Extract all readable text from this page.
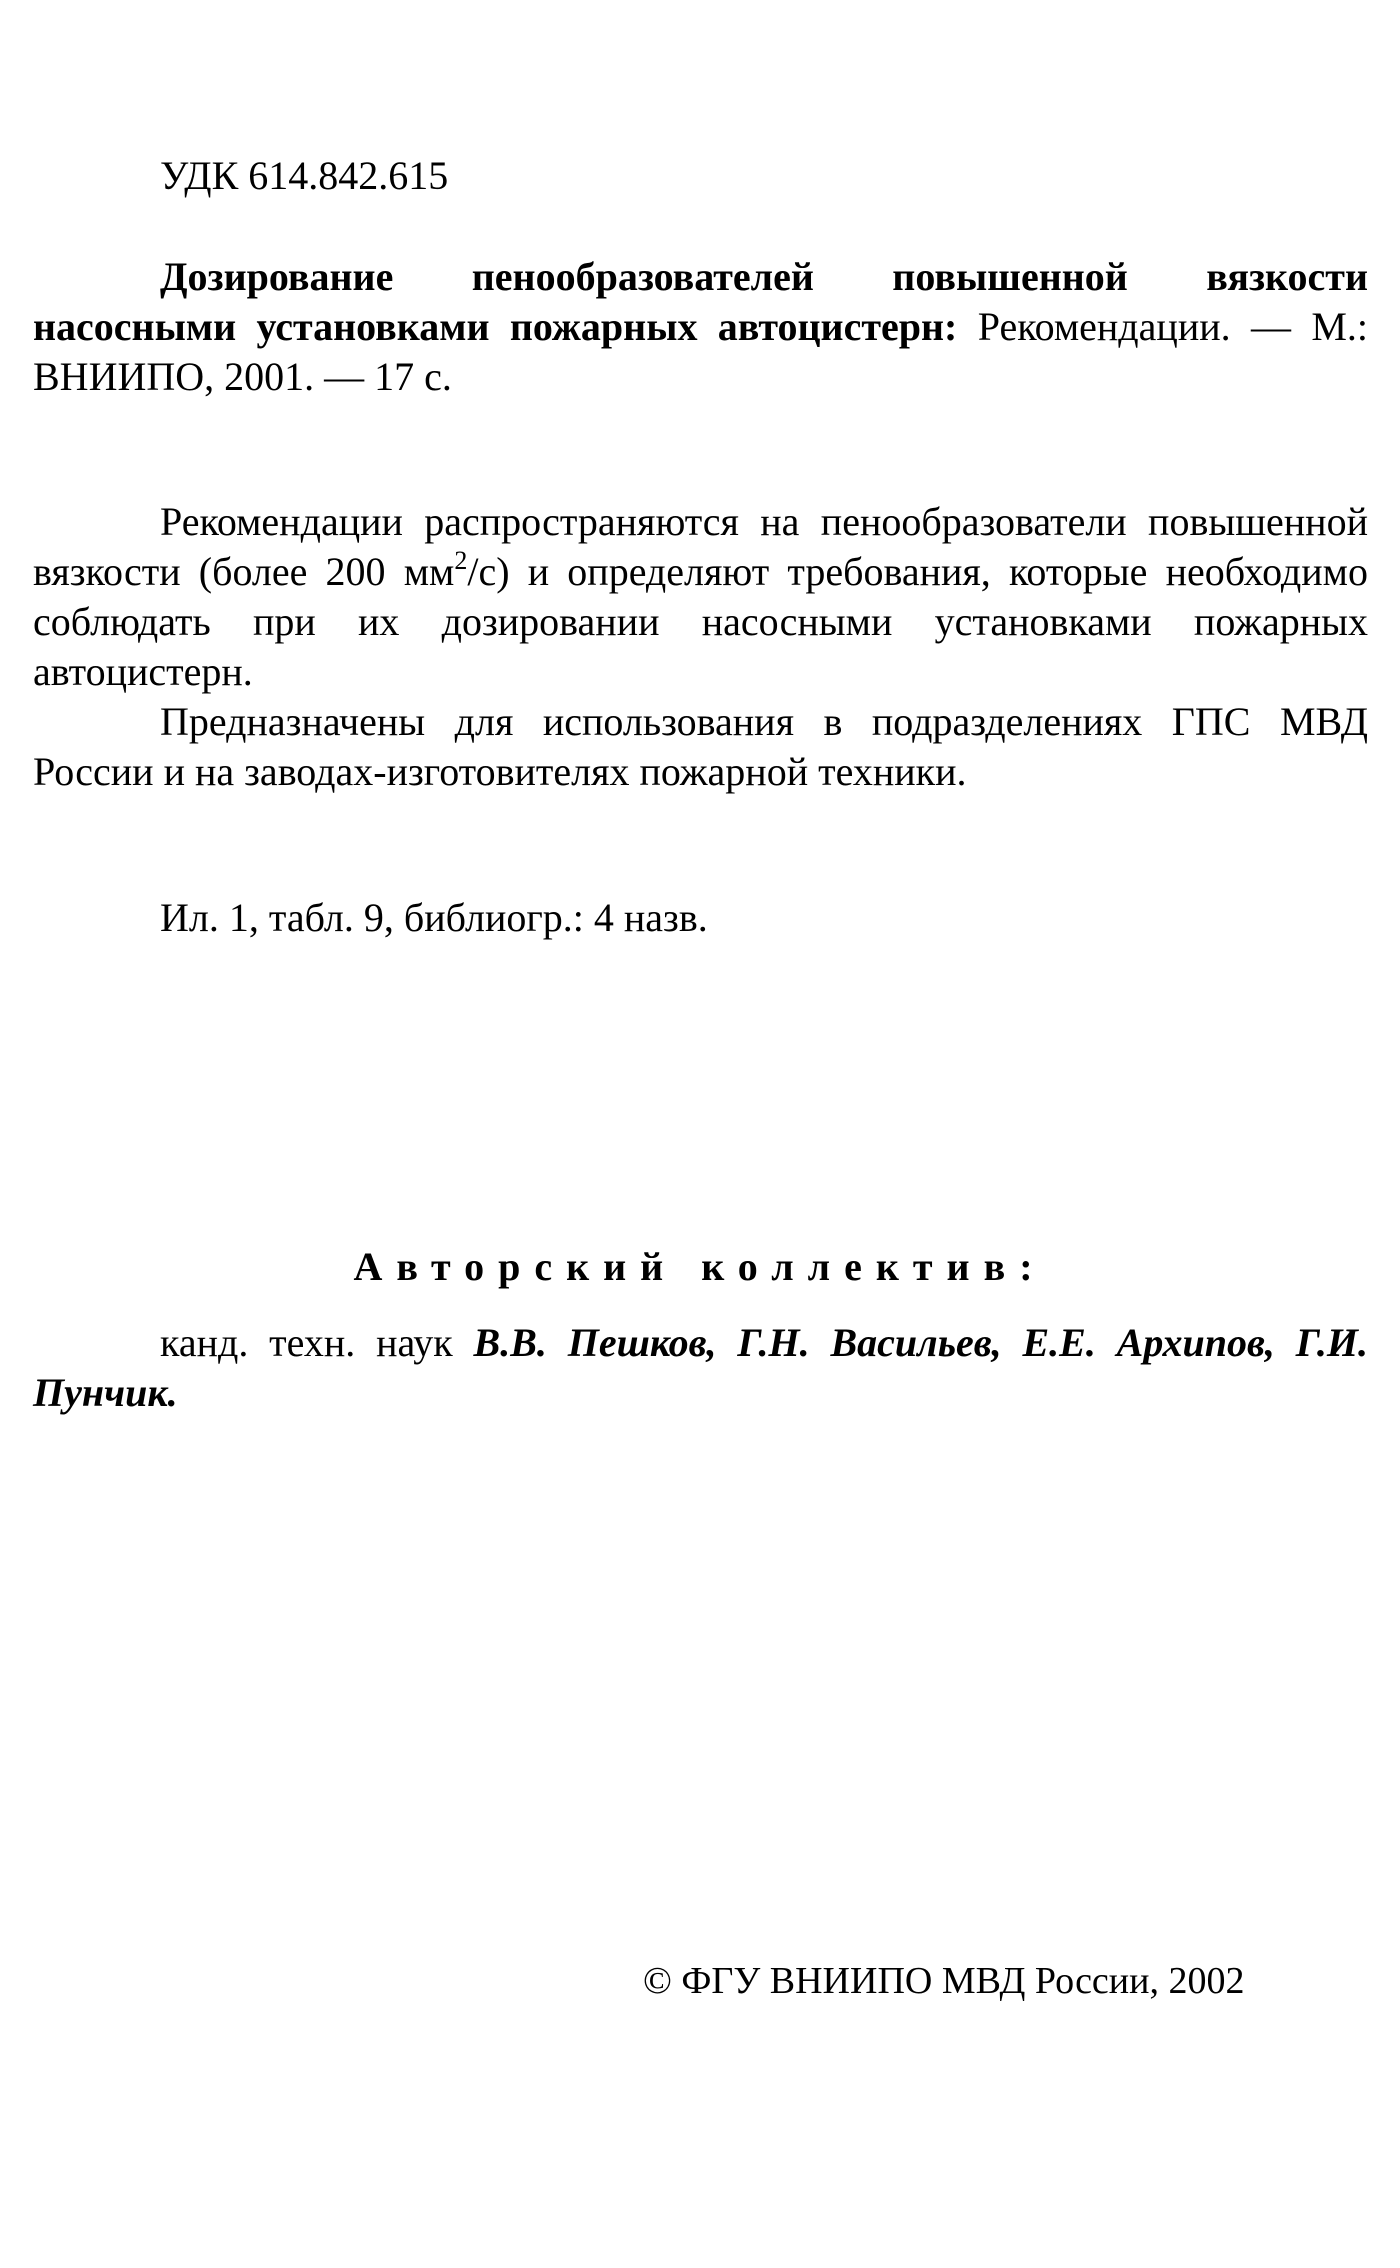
УДК 614.842.615
Дозирование пенообразователей повышенной вязкости насосными установками пожарных автоцистерн: Рекомендации. — М.: ВНИИПО, 2001. — 17 с.

Рекомендации распространяются на пенообразователи повышенной вязкости (более 200 $мм^2/с$) и определяют требования, которые необходимо соблюдать при их дозировании насосными установками пожарных автоцистерн.

Предназначены для использования в подразделениях ГПС МВД России и на заводах-изготовителях пожарной техники.

Ил. 1, табл. 9, библиогр.: 4 назв.
Авторский коллектив:
канд. техн. наук В.В. Пешков, Г.Н. Васильев, Е.Е. Архипов, Г.И. Пунчик.
© ФГУ ВНИИПО МВД России, 2002
